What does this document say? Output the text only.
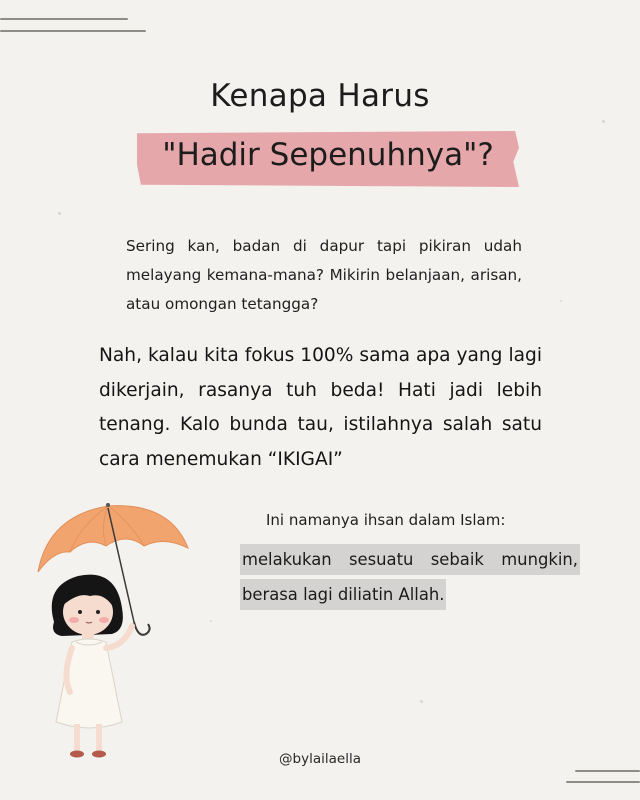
Kenapa Harus
"Hadir Sepenuhnya"?
Sering kan, badan di dapur tapi pikiran udah melayang kemana-mana? Mikirin belanjaan, arisan, atau omongan tetangga?
Nah, kalau kita fokus 100% sama apa yang lagi dikerjain, rasanya tuh beda! Hati jadi lebih tenang. Kalo bunda tau, istilahnya salah satu cara menemukan “IKIGAI”
Ini namanya ihsan dalam Islam:
melakukan sesuatu sebaik mungkin,
berasa lagi diliatin Allah.
@bylailaella
